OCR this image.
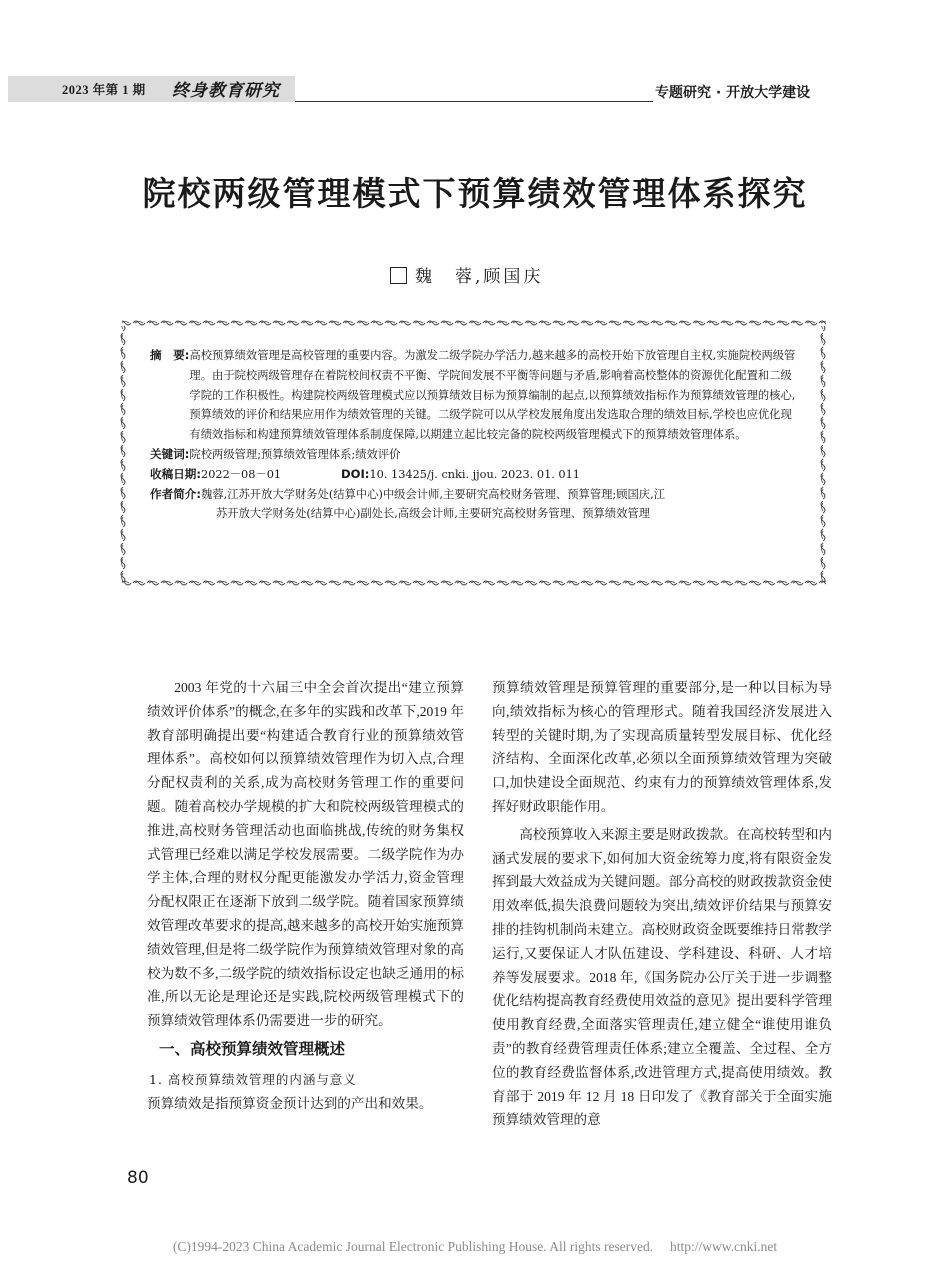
2023 年第 1 期 终身教育研究	专题研究 · 开放大学建设
院校两级管理模式下预算绩效管理体系探究
魏　蓉,顾国庆
摘　要: 高校预算绩效管理是高校管理的重要内容。为激发二级学院办学活力,越来越多的高校开始下放管理自主权,实施院校两级管理。由于院校两级管理存在着院校间权责不平衡、学院间发展不平衡等问题与矛盾,影响着高校整体的资源优化配置和二级学院的工作积极性。构建院校两级管理模式应以预算绩效目标为预算编制的起点,以预算绩效指标作为预算绩效管理的核心,预算绩效的评价和结果应用作为绩效管理的关键。二级学院可以从学校发展角度出发选取合理的绩效目标,学校也应优化现有绩效指标和构建预算绩效管理体系制度保障,以期建立起比较完备的院校两级管理模式下的预算绩效管理体系。
关键词: 院校两级管理;预算绩效管理体系;绩效评价
收稿日期: 2022－08－01	DOI: 10. 13425/j. cnki. jjou. 2023. 01. 011
作者简介: 魏蓉,江苏开放大学财务处(结算中心)中级会计师,主要研究高校财务管理、预算管理;顾国庆,江
苏开放大学财务处(结算中心)副处长,高级会计师,主要研究高校财务管理、预算绩效管理

2003 年党的十六届三中全会首次提出“建立预算绩效评价体系”的概念,在多年的实践和改革下,2019 年教育部明确提出要“构建适合教育行业的预算绩效管理体系”。高校如何以预算绩效管理作为切入点,合理分配权责利的关系,成为高校财务管理工作的重要问题。随着高校办学规模的扩大和院校两级管理模式的推进,高校财务管理活动也面临挑战,传统的财务集权式管理已经难以满足学校发展需要。二级学院作为办学主体,合理的财权分配更能激发办学活力,资金管理分配权限正在逐渐下放到二级学院。随着国家预算绩效管理改革要求的提高,越来越多的高校开始实施预算绩效管理,但是将二级学院作为预算绩效管理对象的高校为数不多,二级学院的绩效指标设定也缺乏通用的标准,所以无论是理论还是实践,院校两级管理模式下的预算绩效管理体系仍需要进一步的研究。

一、高校预算绩效管理概述

1. 高校预算绩效管理的内涵与意义

预算绩效是指预算资金预计达到的产出和效果。

预算绩效管理是预算管理的重要部分,是一种以目标为导向,绩效指标为核心的管理形式。随着我国经济发展进入转型的关键时期,为了实现高质量转型发展目标、优化经济结构、全面深化改革,必须以全面预算绩效管理为突破口,加快建设全面规范、约束有力的预算绩效管理体系,发挥好财政职能作用。

高校预算收入来源主要是财政拨款。在高校转型和内涵式发展的要求下,如何加大资金统筹力度,将有限资金发挥到最大效益成为关键问题。部分高校的财政拨款资金使用效率低,损失浪费问题较为突出,绩效评价结果与预算安排的挂钩机制尚未建立。高校财政资金既要维持日常教学运行,又要保证人才队伍建设、学科建设、科研、人才培养等发展要求。2018 年,《国务院办公厅关于进一步调整优化结构提高教育经费使用效益的意见》提出要科学管理使用教育经费,全面落实管理责任,建立健全“谁使用谁负责”的教育经费管理责任体系;建立全覆盖、全过程、全方位的教育经费监督体系,改进管理方式,提高使用绩效。教育部于 2019 年 12 月 18 日印发了《教育部关于全面实施预算绩效管理的意

80
(C)1994-2023 China Academic Journal Electronic Publishing House. All rights reserved.　 http://www.cnki.net
